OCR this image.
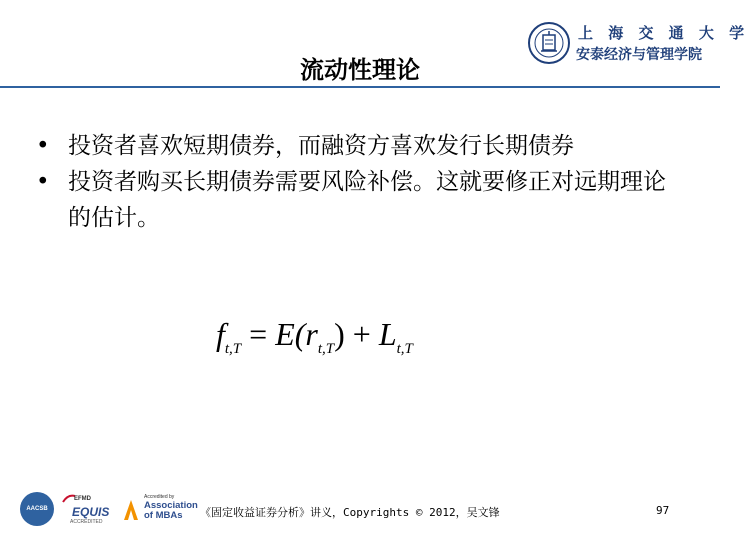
上 海 交 通 大 学
安泰经济与管理学院
流动性理论
• 投资者喜欢短期债券，而融资方喜欢发行长期债券
• 投资者购买长期债券需要风险补偿。这就要修正对远期理论的估计。
$f_{t,T} = E(r_{t,T}) + L_{t,T}$
AACSB
EFMD
EQUIS
ACCREDITED
Accredited by
Association
of MBAs	《固定收益证券分析》讲义，Copyrights © 2012，吴文锋	97
